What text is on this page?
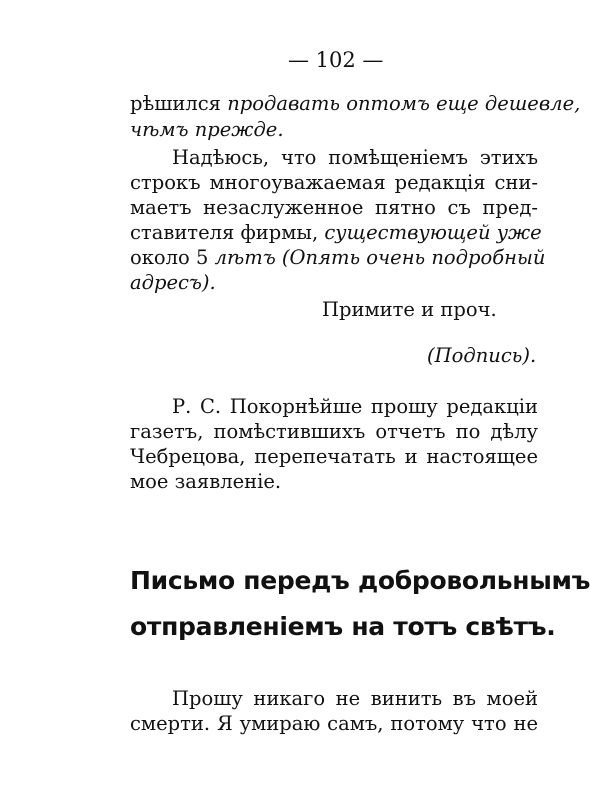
— 102 —
рѣшился продавать оптомъ еще дешевле,
чѣмъ прежде.
Надѣюсь, что помѣщеніемъ этихъ
строкъ многоуважаемая редакція сни-
маетъ незаслуженное пятно съ пред-
ставителя фирмы, существующей уже
около 5 лѣтъ (Опять очень подробный
адресъ).
Примите и проч.
(Подпись).
Р. С. Покорнѣйше прошу редакціи
газетъ, помѣстившихъ отчетъ по дѣлу
Чебрецова, перепечатать и настоящее
мое заявленіе.
Письмо передъ добровольнымъ
отправленіемъ на тотъ свѣтъ.
Прошу никаго не винить въ моей
смерти. Я умираю самъ, потому что не
